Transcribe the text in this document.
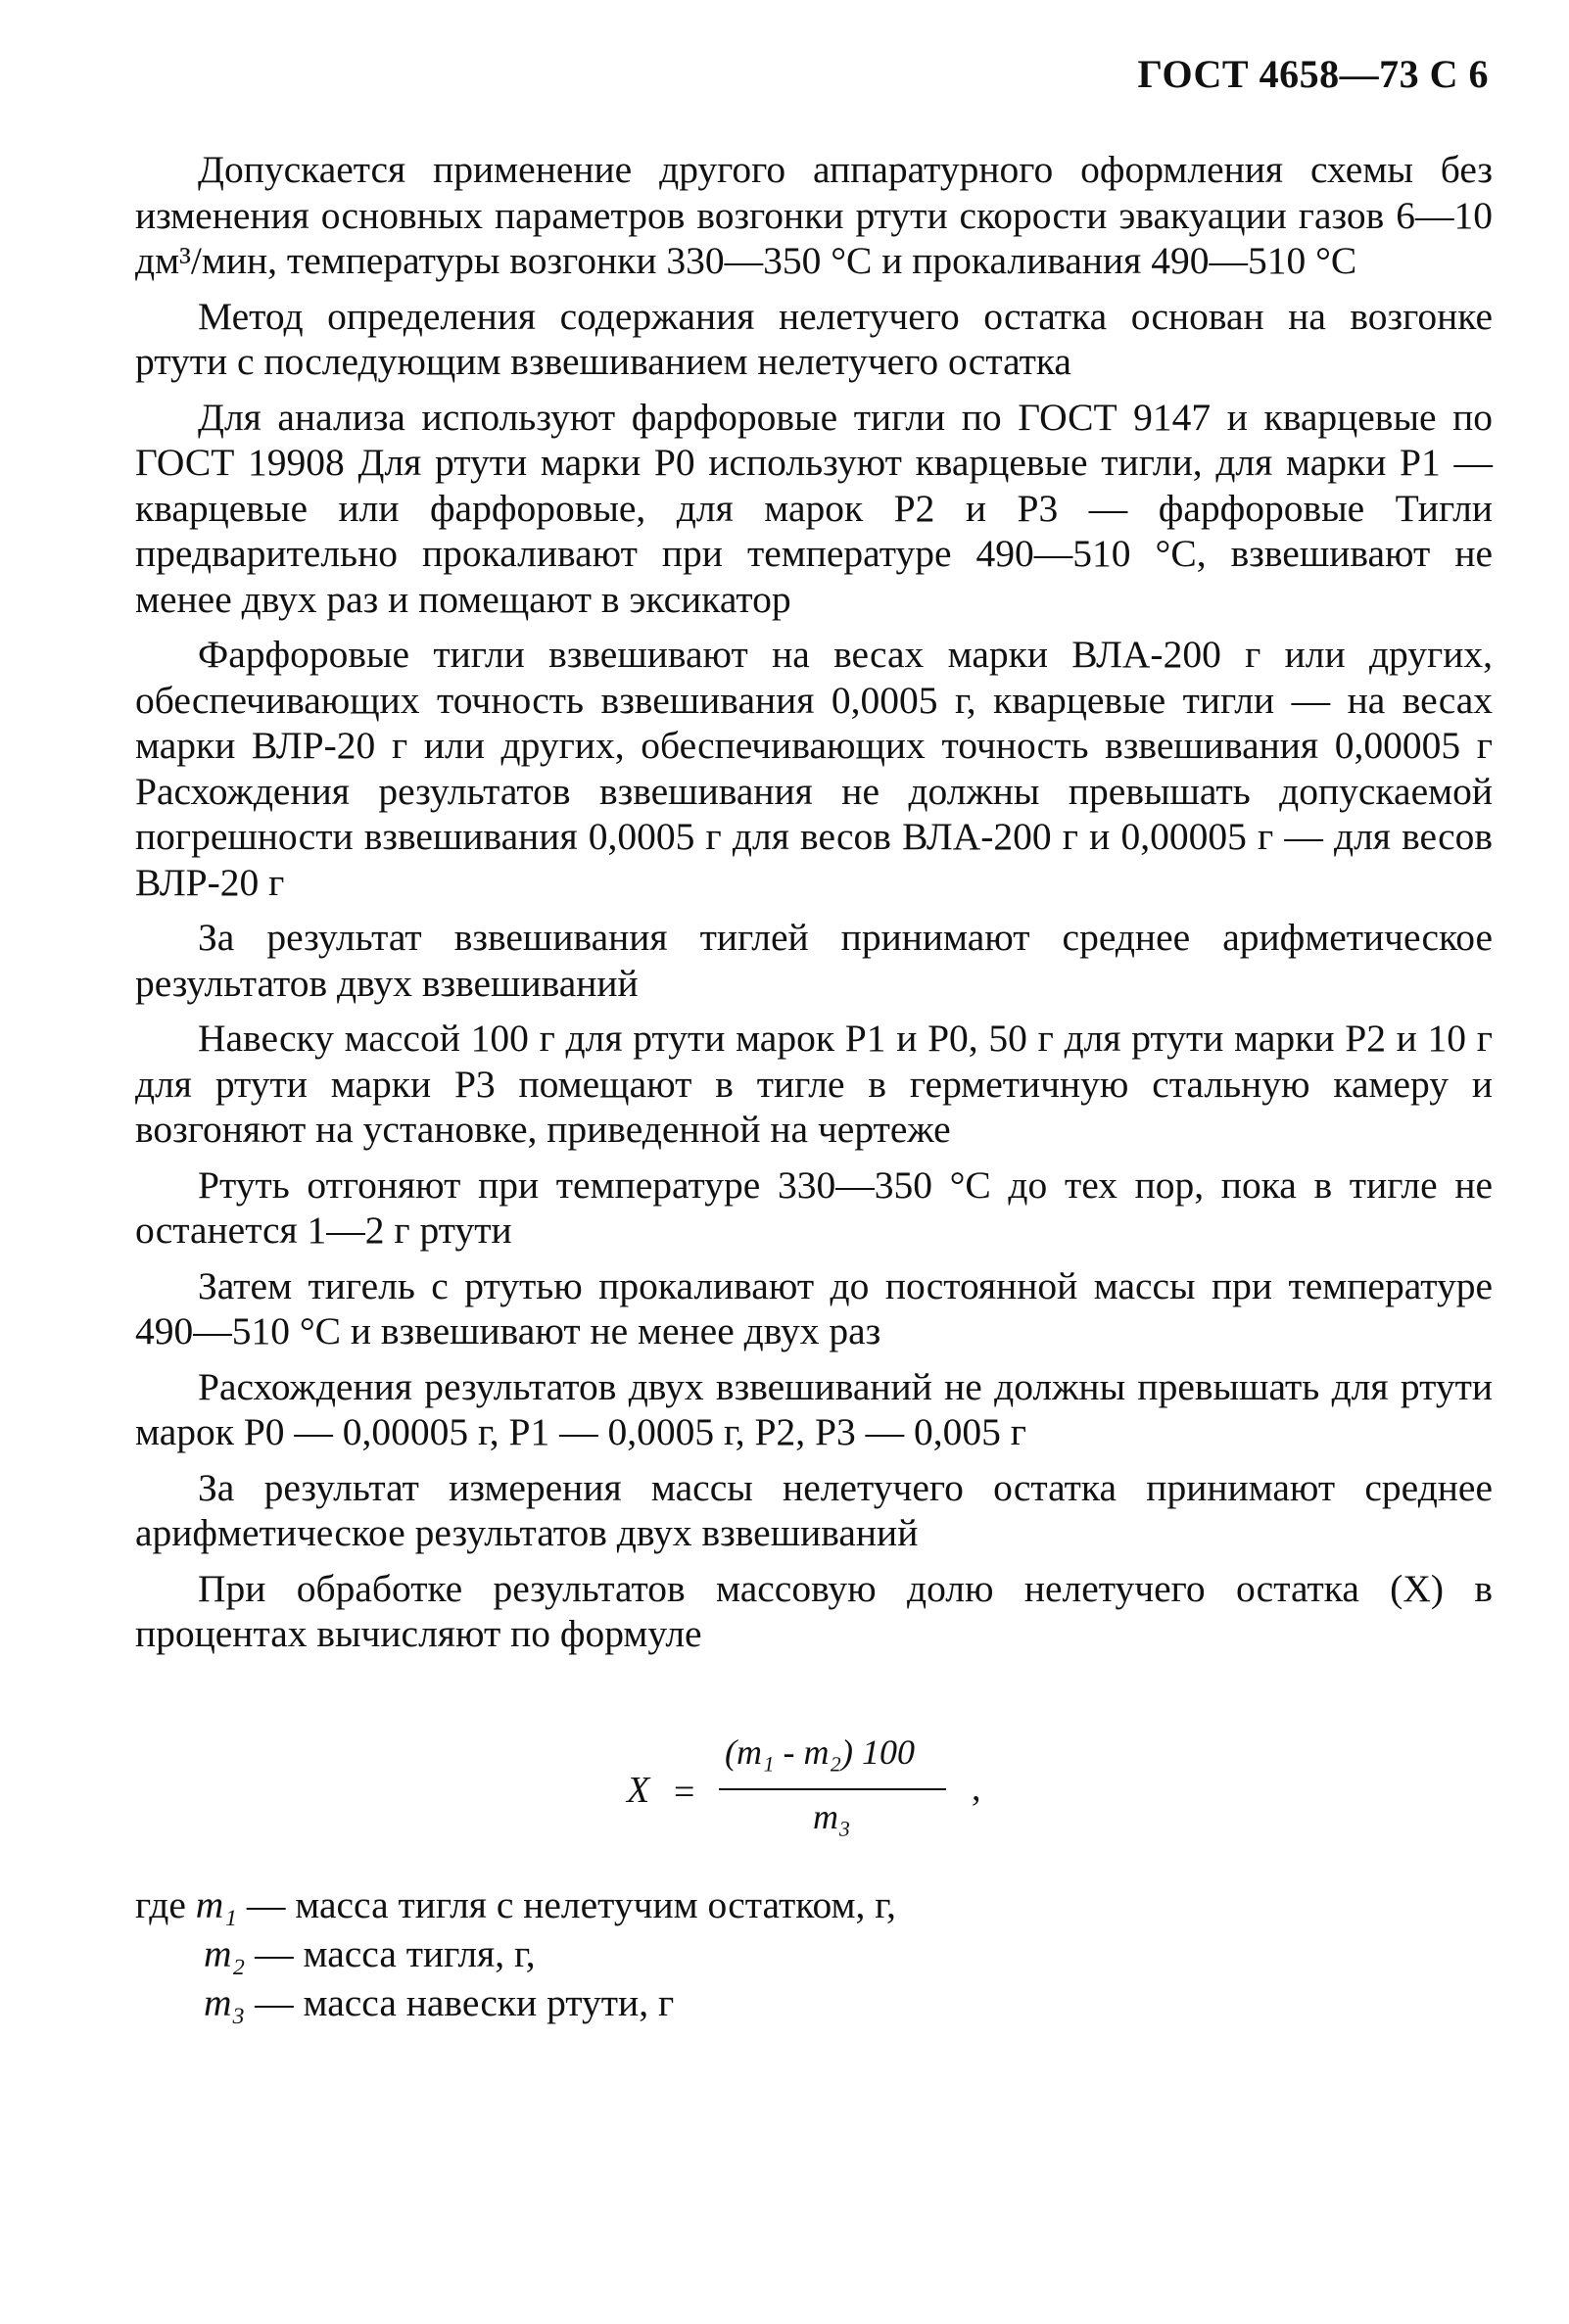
ГОСТ 4658—73 С 6

Допускается применение другого аппаратурного оформления схемы без изменения основных параметров возгонки ртути скорости эвакуации газов 6—10 дм³/мин, температуры возгонки 330—350 °С и прокаливания 490—510 °С

Метод определения содержания нелетучего остатка основан на возгонке ртути с последующим взвешиванием нелетучего остатка

Для анализа используют фарфоровые тигли по ГОСТ 9147 и кварцевые по ГОСТ 19908 Для ртути марки Р0 используют кварцевые тигли, для марки Р1 — кварцевые или фарфоровые, для марок Р2 и Р3 — фарфоровые Тигли предварительно прокаливают при температуре 490—510 °С, взвешивают не менее двух раз и помещают в эксикатор

Фарфоровые тигли взвешивают на весах марки ВЛА-200 г или других, обеспечивающих точность взвешивания 0,0005 г, кварцевые тигли — на весах марки ВЛР-20 г или других, обеспечивающих точность взвешивания 0,00005 г Расхождения результатов взвешивания не должны превышать допускаемой погрешности взвешивания 0,0005 г для весов ВЛА-200 г и 0,00005 г — для весов ВЛР-20 г

За результат взвешивания тиглей принимают среднее арифметическое результатов двух взвешиваний

Навеску массой 100 г для ртути марок Р1 и Р0, 50 г для ртути марки Р2 и 10 г для ртути марки Р3 помещают в тигле в герметичную стальную камеру и возгоняют на установке, приведенной на чертеже

Ртуть отгоняют при температуре 330—350 °С до тех пор, пока в тигле не останется 1—2 г ртути

Затем тигель с ртутью прокаливают до постоянной массы при температуре 490—510 °С и взвешивают не менее двух раз

Расхождения результатов двух взвешиваний не должны превышать для ртути марок Р0 — 0,00005 г, Р1 — 0,0005 г, Р2, Р3 — 0,005 г

За результат измерения массы нелетучего остатка принимают среднее арифметическое результатов двух взвешиваний

При обработке результатов массовую долю нелетучего остатка (X) в процентах вычисляют по формуле

X =
(m₁ - m₂) 100
m₃
,
где m₁ — масса тигля с нелетучим остатком, г,
m₂ — масса тигля, г,
m₃ — масса навески ртути, г
